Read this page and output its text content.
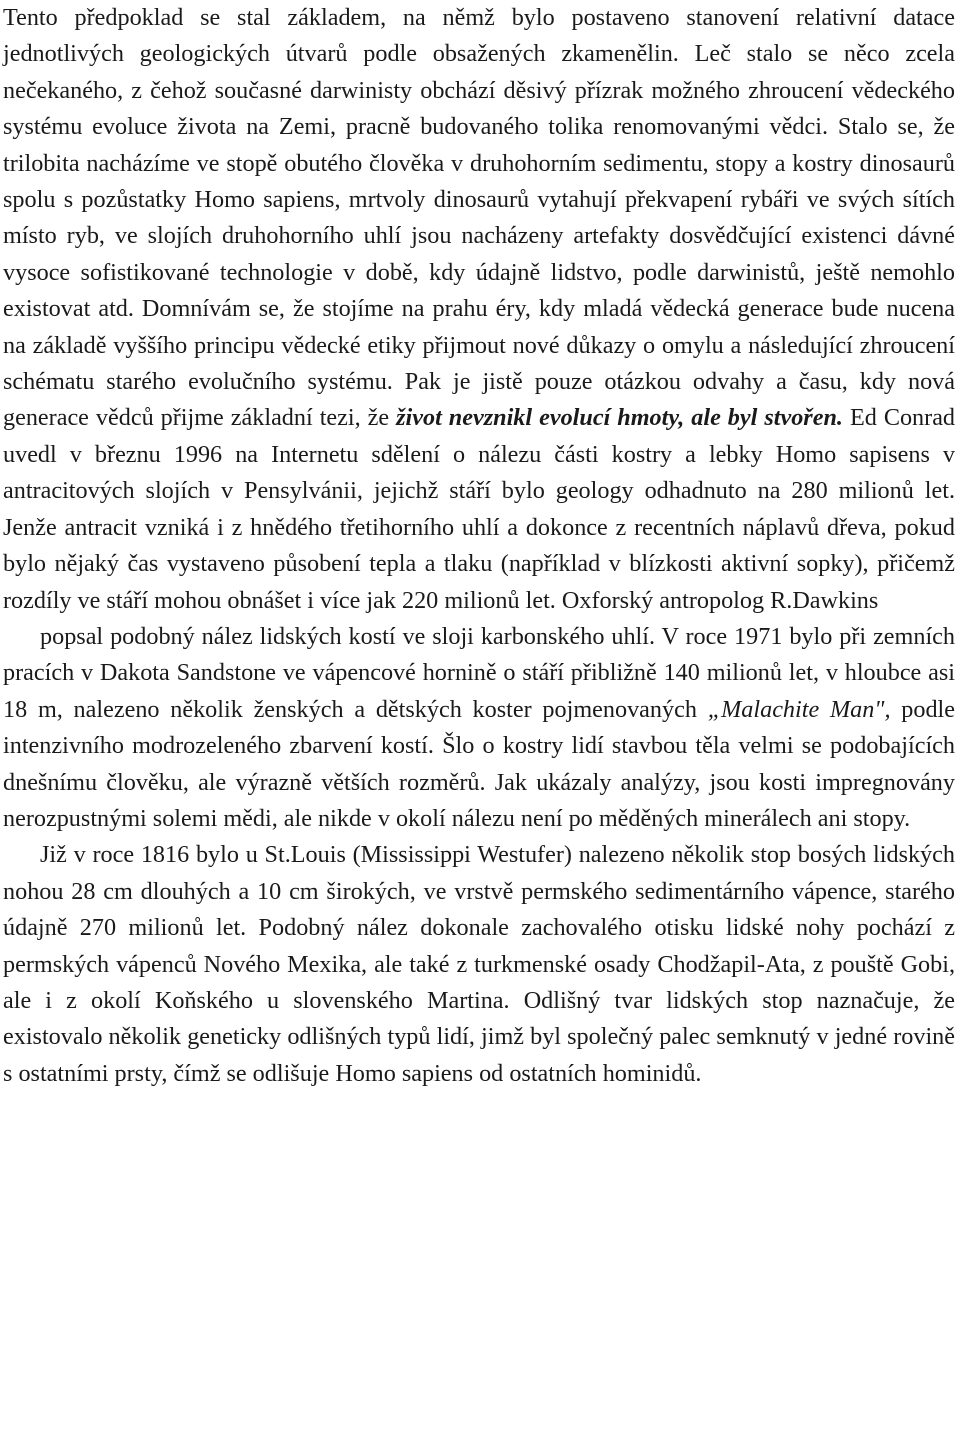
Tento předpoklad se stal základem, na němž bylo postaveno stanovení relativní datace jednotlivých geologických útvarů podle obsažených zkamenělin. Leč stalo se něco zcela nečekaného, z čehož současné darwinisty obchází děsivý přízrak možného zhroucení vědeckého systému evoluce života na Zemi, pracně budovaného tolika renomovanými vědci. Stalo se, že trilobita nacházíme ve stopě obutého člověka v druhohorním sedimentu, stopy a kostry dinosaurů spolu s pozůstatky Homo sapiens, mrtvoly dinosaurů vytahují překvapení rybáři ve svých sítích místo ryb, ve slojích druhohorního uhlí jsou nacházeny artefakty dosvědčující existenci dávné vysoce sofistikované technologie v době, kdy údajně lidstvo, podle darwinistů, ještě nemohlo existovat atd. Domnívám se, že stojíme na prahu éry, kdy mladá vědecká generace bude nucena na základě vyššího principu vědecké etiky přijmout nové důkazy o omylu a následující zhroucení schématu starého evolučního systému. Pak je jistě pouze otázkou odvahy a času, kdy nová generace vědců přijme základní tezi, že život nevznikl evolucí hmoty, ale byl stvořen. Ed Conrad uvedl v březnu 1996 na Internetu sdělení o nálezu části kostry a lebky Homo sapisens v antracitových slojích v Pensylvánii, jejichž stáří bylo geology odhadnuto na 280 milionů let. Jenže antracit vzniká i z hnědého třetihorního uhlí a dokonce z recentních náplavů dřeva, pokud bylo nějaký čas vystaveno působení tepla a tlaku (například v blízkosti aktivní sopky), přičemž rozdíly ve stáří mohou obnášet i více jak 220 milionů let. Oxforský antropolog R.Dawkins

popsal podobný nález lidských kostí ve sloji karbonského uhlí. V roce 1971 bylo při zemních pracích v Dakota Sandstone ve vápencové hornině o stáří přibližně 140 milionů let, v hloubce asi 18 m, nalezeno několik ženských a dětských koster pojmenovaných „Malachite Man", podle intenzivního modrozeleného zbarvení kostí. Šlo o kostry lidí stavbou těla velmi se podobajících dnešnímu člověku, ale výrazně větších rozměrů. Jak ukázaly analýzy, jsou kosti impregnovány nerozpustnými solemi mědi, ale nikde v okolí nálezu není po měděných minerálech ani stopy.

Již v roce 1816 bylo u St.Louis (Mississippi Westufer) nalezeno několik stop bosých lidských nohou 28 cm dlouhých a 10 cm širokých, ve vrstvě permského sedimentárního vápence, starého údajně 270 milionů let. Podobný nález dokonale zachovalého otisku lidské nohy pochází z permských vápenců Nového Mexika, ale také z turkmenské osady Chodžapil-Ata, z pouště Gobi, ale i z okolí Koňského u slovenského Martina. Odlišný tvar lidských stop naznačuje, že existovalo několik geneticky odlišných typů lidí, jimž byl společný palec semknutý v jedné rovině s ostatními prsty, čímž se odlišuje Homo sapiens od ostatních hominidů.
